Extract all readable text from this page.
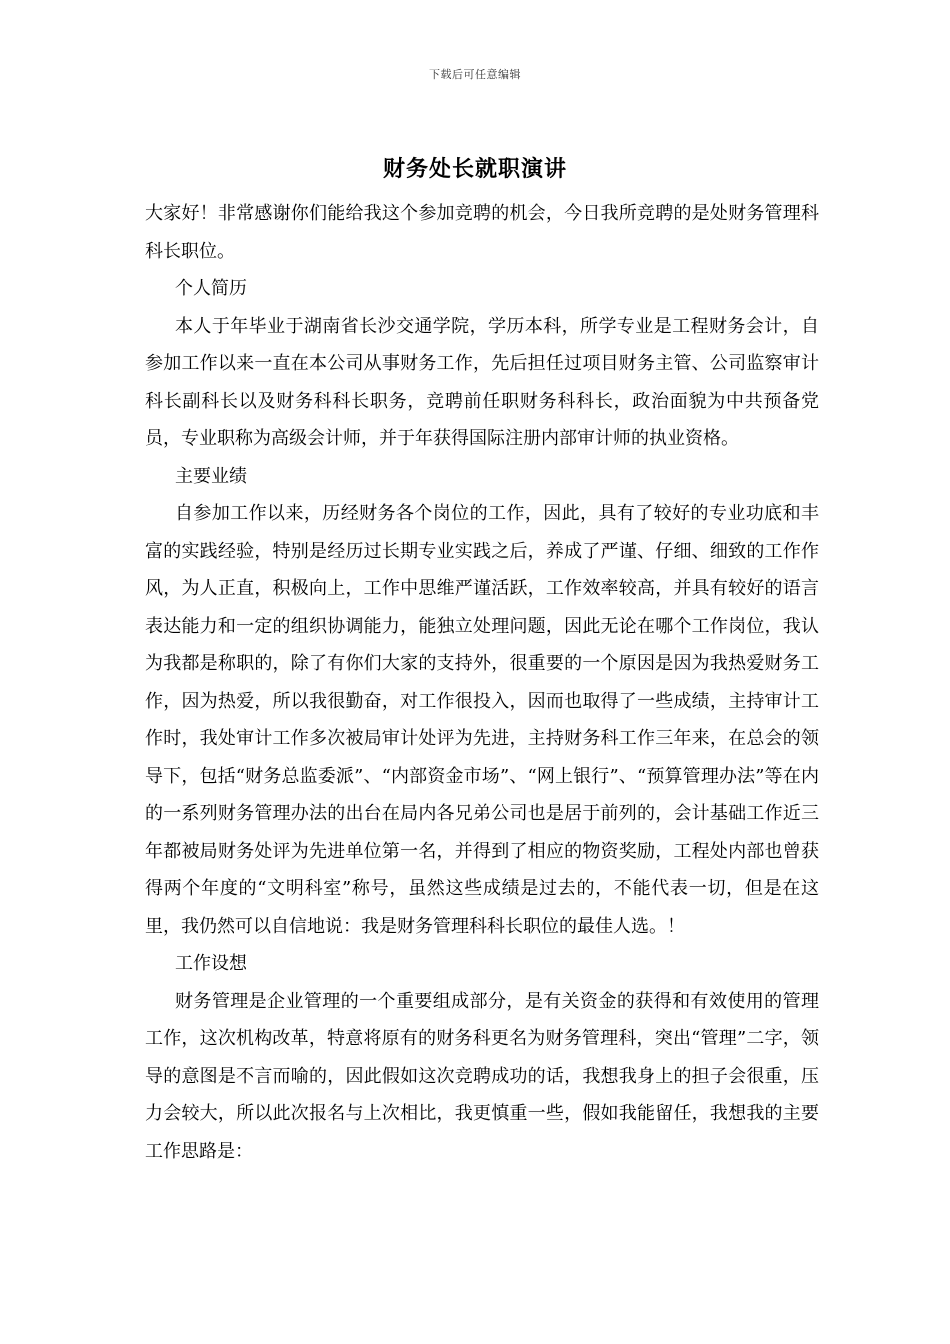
下载后可任意编辑
财务处长就职演讲

大家好！非常感谢你们能给我这个参加竞聘的机会，今日我所竞聘的是处财务管理科科长职位。

个人简历

本人于年毕业于湖南省长沙交通学院，学历本科，所学专业是工程财务会计，自参加工作以来一直在本公司从事财务工作，先后担任过项目财务主管、公司监察审计科长副科长以及财务科科长职务，竞聘前任职财务科科长，政治面貌为中共预备党员，专业职称为高级会计师，并于年获得国际注册内部审计师的执业资格。

主要业绩

自参加工作以来，历经财务各个岗位的工作，因此，具有了较好的专业功底和丰富的实践经验，特别是经历过长期专业实践之后，养成了严谨、仔细、细致的工作作风，为人正直，积极向上，工作中思维严谨活跃，工作效率较高，并具有较好的语言表达能力和一定的组织协调能力，能独立处理问题，因此无论在哪个工作岗位，我认为我都是称职的，除了有你们大家的支持外，很重要的一个原因是因为我热爱财务工作，因为热爱，所以我很勤奋，对工作很投入，因而也取得了一些成绩，主持审计工作时，我处审计工作多次被局审计处评为先进，主持财务科工作三年来，在总会的领导下，包括“财务总监委派”、“内部资金市场”、“网上银行”、“预算管理办法”等在内的一系列财务管理办法的出台在局内各兄弟公司也是居于前列的，会计基础工作近三年都被局财务处评为先进单位第一名，并得到了相应的物资奖励，工程处内部也曾获得两个年度的“文明科室”称号，虽然这些成绩是过去的，不能代表一切，但是在这里，我仍然可以自信地说：我是财务管理科科长职位的最佳人选。！

工作设想

财务管理是企业管理的一个重要组成部分，是有关资金的获得和有效使用的管理工作，这次机构改革，特意将原有的财务科更名为财务管理科，突出“管理”二字，领导的意图是不言而喻的，因此假如这次竞聘成功的话，我想我身上的担子会很重，压力会较大，所以此次报名与上次相比，我更慎重一些，假如我能留任，我想我的主要工作思路是：
